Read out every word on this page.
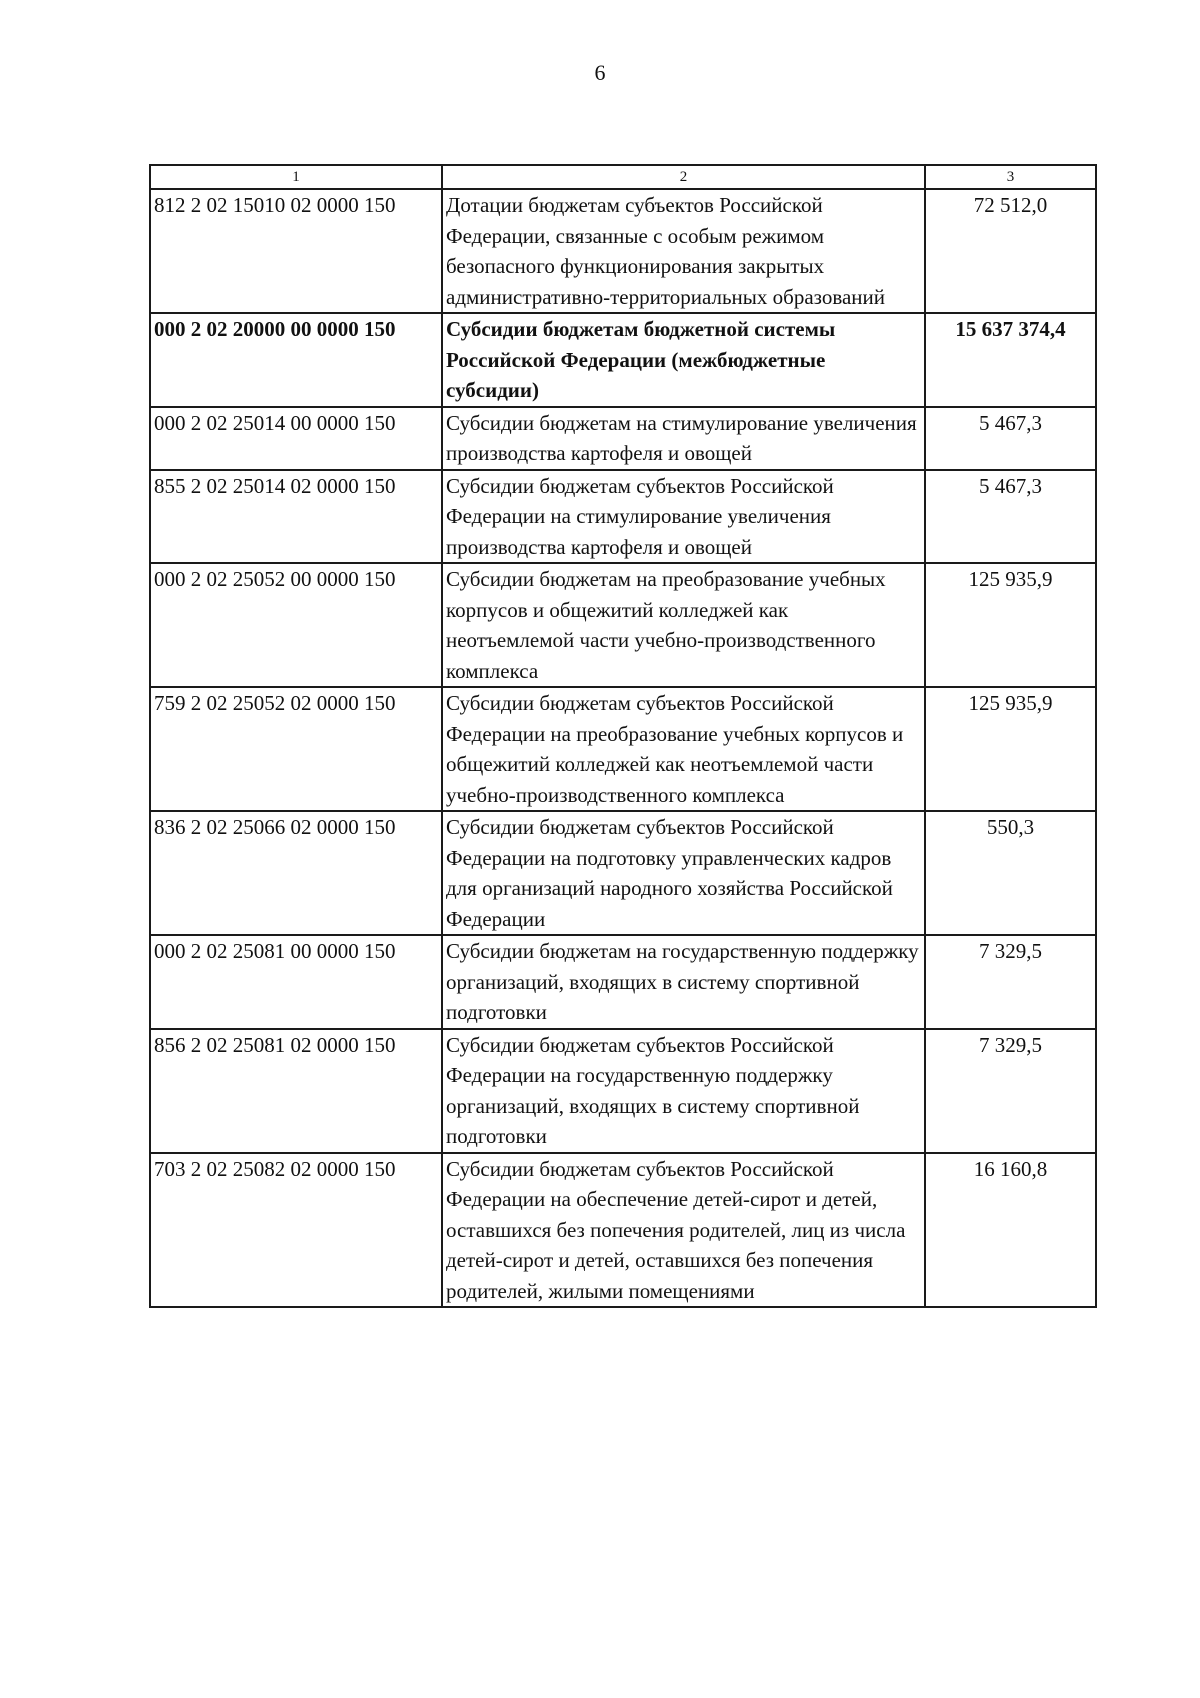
6
1	2	3
812 2 02 15010 02 0000 150	Дотации бюджетам субъектов Российской Федерации, связанные с особым режимом безопасного функционирования закрытых административно-территориальных образований	72 512,0
000 2 02 20000 00 0000 150	Субсидии бюджетам бюджетной системы Российской Федерации (межбюджетные субсидии)	15 637 374,4
000 2 02 25014 00 0000 150	Субсидии бюджетам на стимулирование увеличения производства картофеля и овощей	5 467,3
855 2 02 25014 02 0000 150	Субсидии бюджетам субъектов Российской Федерации на стимулирование увеличения производства картофеля и овощей	5 467,3
000 2 02 25052 00 0000 150	Субсидии бюджетам на преобразование учебных корпусов и общежитий колледжей как неотъемлемой части учебно-производственного комплекса	125 935,9
759 2 02 25052 02 0000 150	Субсидии бюджетам субъектов Российской Федерации на преобразование учебных корпусов и общежитий колледжей как неотъемлемой части учебно-производственного комплекса	125 935,9
836 2 02 25066 02 0000 150	Субсидии бюджетам субъектов Российской Федерации на подготовку управленческих кадров для организаций народного хозяйства Российской Федерации	550,3
000 2 02 25081 00 0000 150	Субсидии бюджетам на государственную поддержку организаций, входящих в систему спортивной подготовки	7 329,5
856 2 02 25081 02 0000 150	Субсидии бюджетам субъектов Российской Федерации на государственную поддержку организаций, входящих в систему спортивной подготовки	7 329,5
703 2 02 25082 02 0000 150	Субсидии бюджетам субъектов Российской Федерации на обеспечение детей-сирот и детей, оставшихся без попечения родителей, лиц из числа детей-сирот и детей, оставшихся без попечения родителей, жилыми помещениями	16 160,8
